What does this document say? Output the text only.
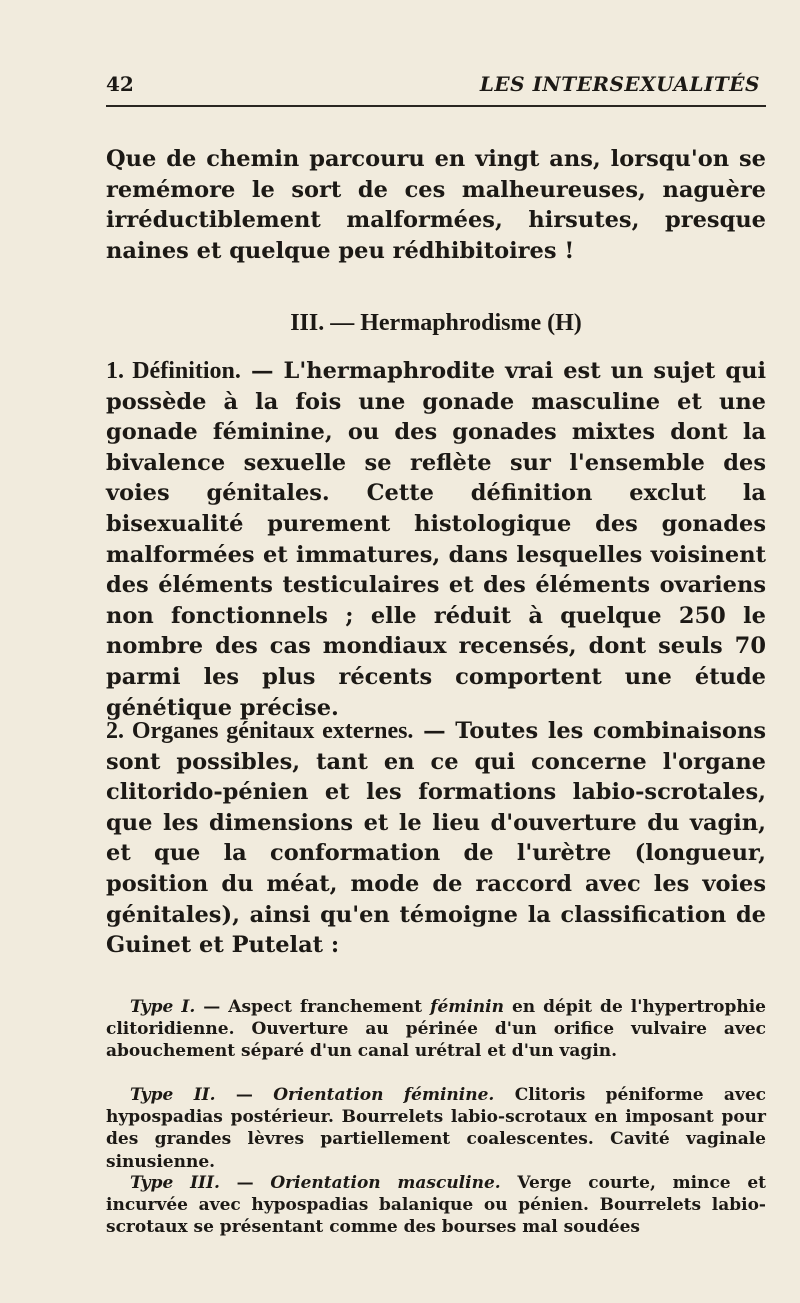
42	LES INTERSEXUALITÉS

Que de chemin parcouru en vingt ans, lorsqu'on se remémore le sort de ces malheureuses, naguère irréductiblement malformées, hirsutes, presque naines et quelque peu rédhibitoires !

III. — Hermaphrodisme (H)

1. Définition. — L'hermaphrodite vrai est un sujet qui possède à la fois une gonade masculine et une gonade féminine, ou des gonades mixtes dont la bivalence sexuelle se reflète sur l'ensemble des voies génitales. Cette définition exclut la bisexualité purement histologique des gonades malformées et immatures, dans lesquelles voisinent des éléments testiculaires et des éléments ovariens non fonctionnels ; elle réduit à quelque 250 le nombre des cas mondiaux recensés, dont seuls 70 parmi les plus récents comportent une étude génétique précise.

2. Organes génitaux externes. — Toutes les combinaisons sont possibles, tant en ce qui concerne l'organe clitorido-pénien et les formations labio-scrotales, que les dimensions et le lieu d'ouverture du vagin, et que la conformation de l'urètre (longueur, position du méat, mode de raccord avec les voies génitales), ainsi qu'en témoigne la classification de Guinet et Putelat :

Type I. — Aspect franchement féminin en dépit de l'hypertrophie clitoridienne. Ouverture au périnée d'un orifice vulvaire avec abouchement séparé d'un canal urétral et d'un vagin.

Type II. — Orientation féminine. Clitoris péniforme avec hypospadias postérieur. Bourrelets labio-scrotaux en imposant pour des grandes lèvres partiellement coalescentes. Cavité vaginale sinusienne.

Type III. — Orientation masculine. Verge courte, mince et incurvée avec hypospadias balanique ou pénien. Bourrelets labio-scrotaux se présentant comme des bourses mal soudées
